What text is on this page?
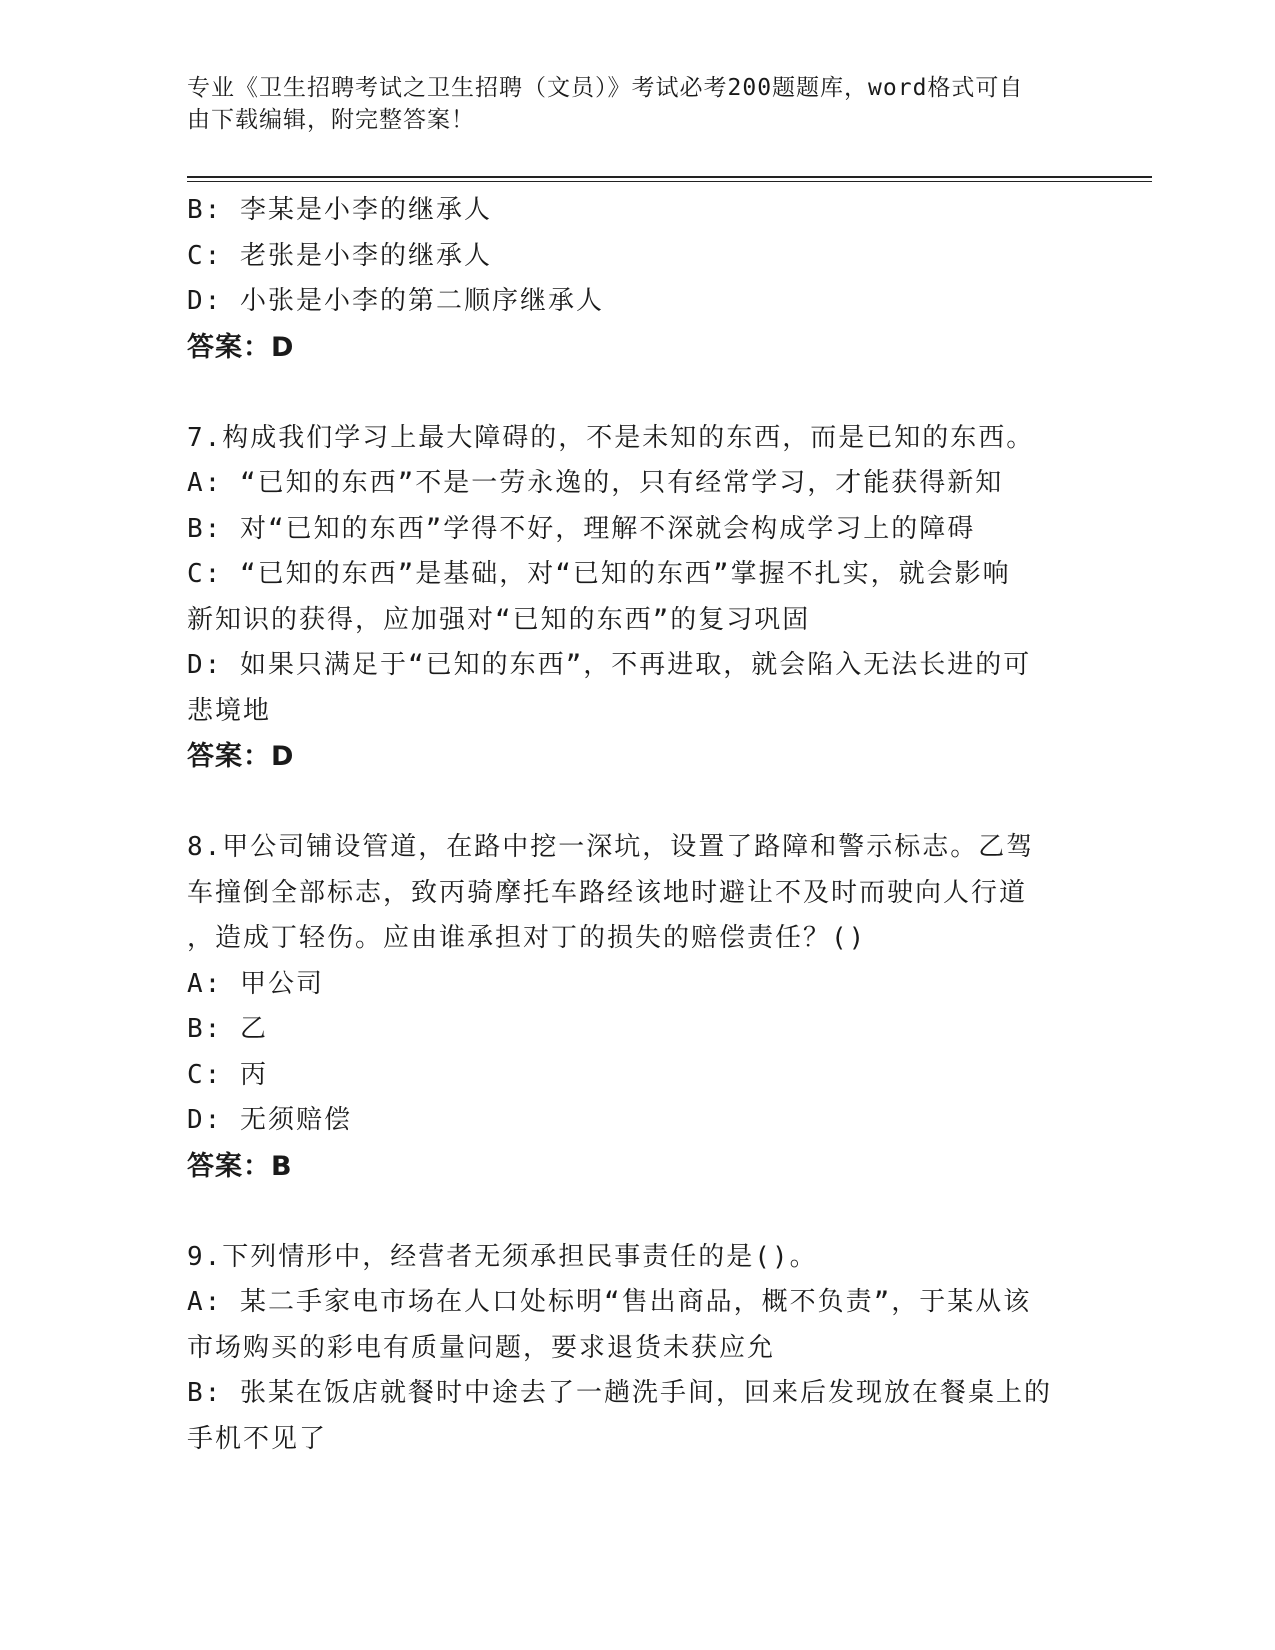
专业《卫生招聘考试之卫生招聘（文员）》考试必考200题题库，word格式可自
由下载编辑，附完整答案！
B: 李某是小李的继承人
C: 老张是小李的继承人
D: 小张是小李的第二顺序继承人
答案：D
7.构成我们学习上最大障碍的，不是未知的东西，而是已知的东西。
A: “已知的东西”不是一劳永逸的，只有经常学习，才能获得新知
B: 对“已知的东西”学得不好，理解不深就会构成学习上的障碍
C: “已知的东西”是基础，对“已知的东西”掌握不扎实，就会影响
新知识的获得，应加强对“已知的东西”的复习巩固
D: 如果只满足于“已知的东西”，不再进取，就会陷入无法长进的可
悲境地
答案：D
8.甲公司铺设管道，在路中挖一深坑，设置了路障和警示标志。乙驾
车撞倒全部标志，致丙骑摩托车路经该地时避让不及时而驶向人行道
，造成丁轻伤。应由谁承担对丁的损失的赔偿责任？()
A: 甲公司
B: 乙
C: 丙
D: 无须赔偿
答案：B
9.下列情形中，经营者无须承担民事责任的是()。
A: 某二手家电市场在人口处标明“售出商品，概不负责”，于某从该
市场购买的彩电有质量问题，要求退货未获应允
B: 张某在饭店就餐时中途去了一趟洗手间，回来后发现放在餐桌上的
手机不见了
